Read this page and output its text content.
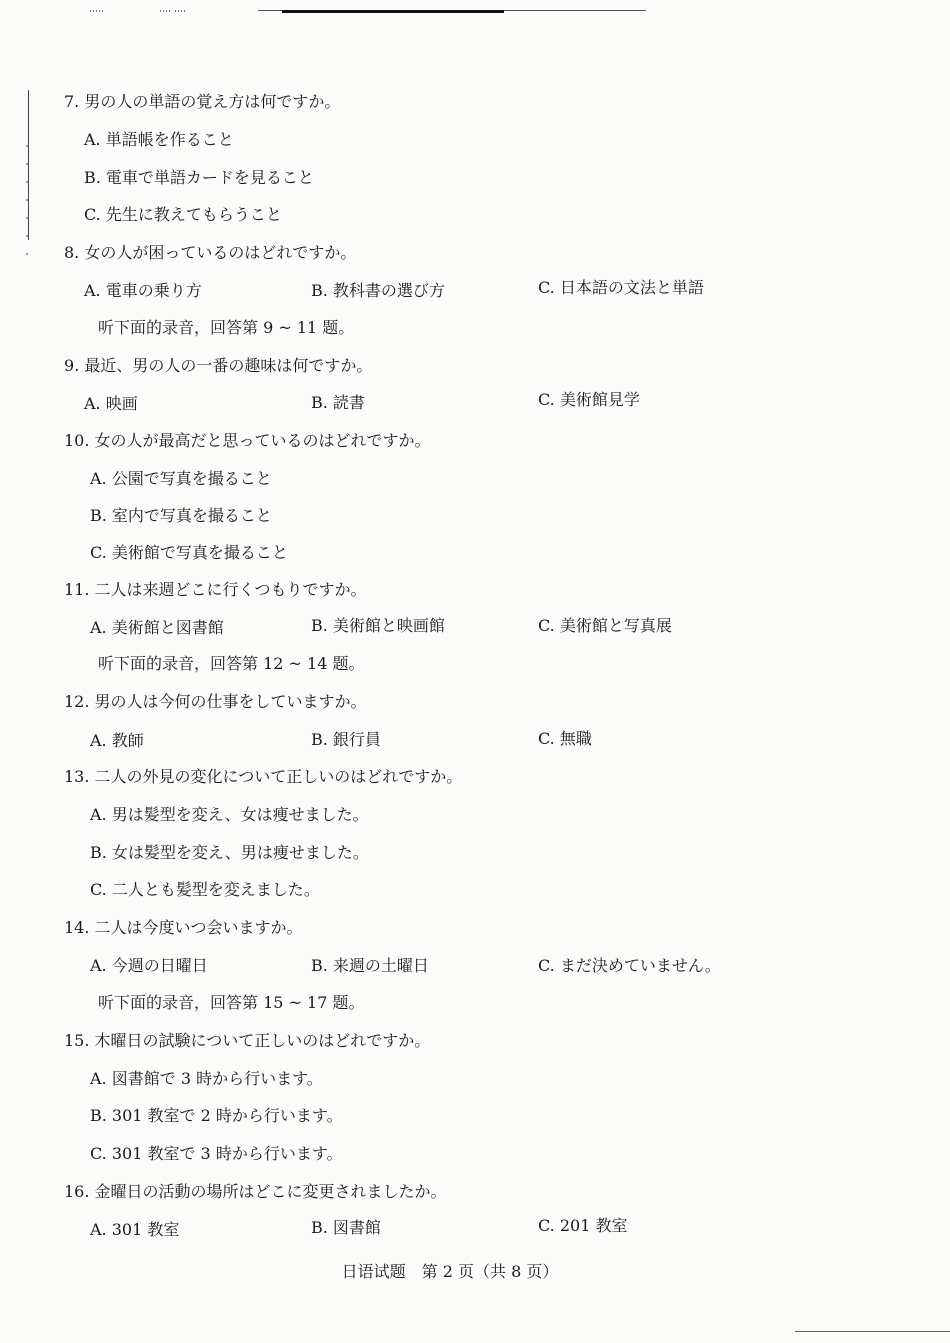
7. 男の人の単語の覚え方は何ですか。
A. 単語帳を作ること
B. 電車で単語カードを見ること
C. 先生に教えてもらうこと
8. 女の人が困っているのはどれですか。
A. 電車の乗り方	B. 教科書の選び方	C. 日本語の文法と単語
听下面的录音，回答第 9 ~ 11 题。
9. 最近、男の人の一番の趣味は何ですか。
A. 映画	B. 読書	C. 美術館見学
10. 女の人が最高だと思っているのはどれですか。
A. 公園で写真を撮ること
B. 室内で写真を撮ること
C. 美術館で写真を撮ること
11. 二人は来週どこに行くつもりですか。
A. 美術館と図書館	B. 美術館と映画館	C. 美術館と写真展
听下面的录音，回答第 12 ~ 14 题。
12. 男の人は今何の仕事をしていますか。
A. 教師	B. 銀行員	C. 無職
13. 二人の外見の変化について正しいのはどれですか。
A. 男は髪型を変え、女は痩せました。
B. 女は髪型を変え、男は痩せました。
C. 二人とも髪型を変えました。
14. 二人は今度いつ会いますか。
A. 今週の日曜日	B. 来週の土曜日	C. まだ決めていません。
听下面的录音，回答第 15 ~ 17 题。
15. 木曜日の試験について正しいのはどれですか。
A. 図書館で 3 時から行います。
B. 301 教室で 2 時から行います。
C. 301 教室で 3 時から行います。
16. 金曜日の活動の場所はどこに変更されましたか。
A. 301 教室	B. 図書館	C. 201 教室
日语试题　第 2 页（共 8 页）
